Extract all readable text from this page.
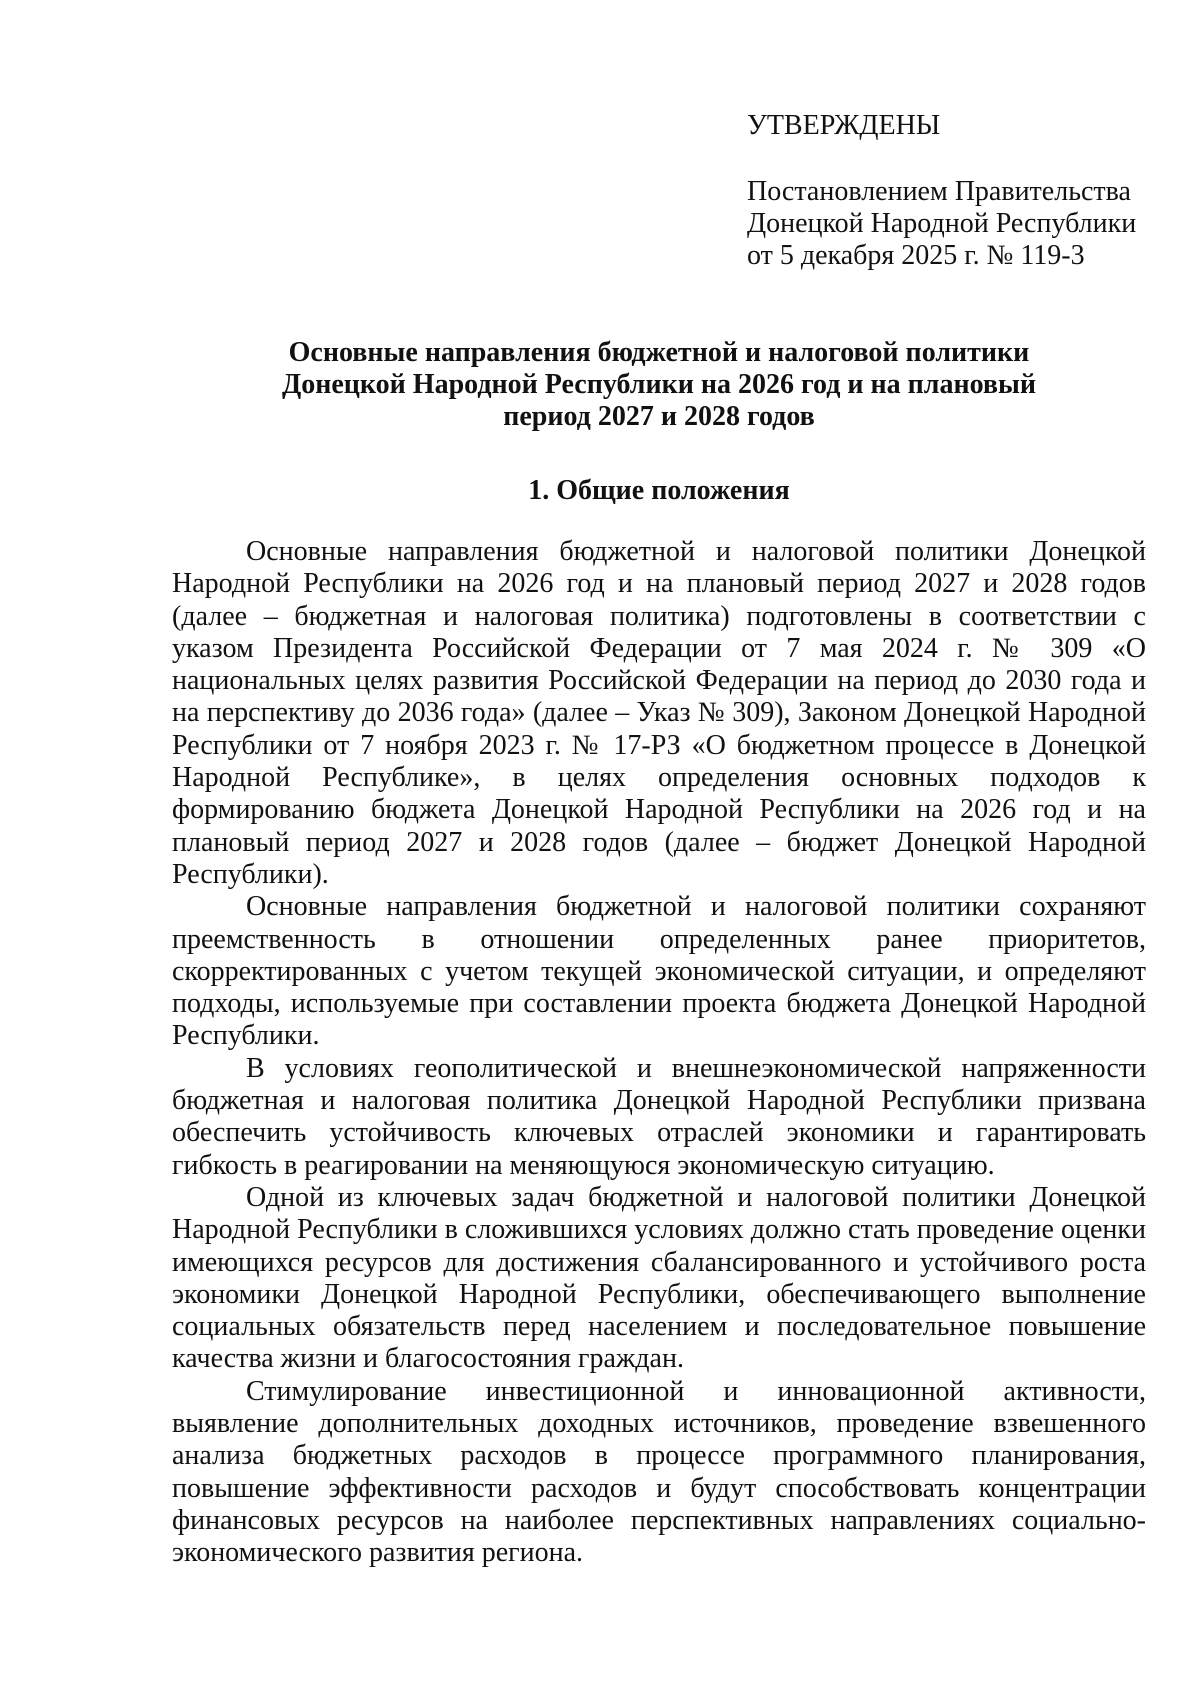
УТВЕРЖДЕНЫ
Постановлением Правительства
Донецкой Народной Республики
от 5 декабря 2025 г. № 119-3
Основные направления бюджетной и налоговой политики
Донецкой Народной Республики на 2026 год и на плановый
период 2027 и 2028 годов
1. Общие положения

Основные направления бюджетной и налоговой политики Донецкой Народной Республики на 2026 год и на плановый период 2027 и 2028 годов (далее – бюджетная и налоговая политика) подготовлены в соответствии с указом Президента Российской Федерации от 7 мая 2024 г. № 309 «О национальных целях развития Российской Федерации на период до 2030 года и на перспективу до 2036 года» (далее – Указ № 309), Законом Донецкой Народной Республики от 7 ноября 2023 г. № 17-РЗ «О бюджетном процессе в Донецкой Народной Республике», в целях определения основных подходов к формированию бюджета Донецкой Народной Республики на 2026 год и на плановый период 2027 и 2028 годов (далее – бюджет Донецкой Народной Республики).

Основные направления бюджетной и налоговой политики сохраняют преемственность в отношении определенных ранее приоритетов, скорректированных с учетом текущей экономической ситуации, и определяют подходы, используемые при составлении проекта бюджета Донецкой Народной Республики.

В условиях геополитической и внешнеэкономической напряженности бюджетная и налоговая политика Донецкой Народной Республики призвана обеспечить устойчивость ключевых отраслей экономики и гарантировать гибкость в реагировании на меняющуюся экономическую ситуацию.

Одной из ключевых задач бюджетной и налоговой политики Донецкой Народной Республики в сложившихся условиях должно стать проведение оценки имеющихся ресурсов для достижения сбалансированного и устойчивого роста экономики Донецкой Народной Республики, обеспечивающего выполнение социальных обязательств перед населением и последовательное повышение качества жизни и благосостояния граждан.

Стимулирование инвестиционной и инновационной активности, выявление дополнительных доходных источников, проведение взвешенного анализа бюджетных расходов в процессе программного планирования, повышение эффективности расходов и будут способствовать концентрации финансовых ресурсов на наиболее перспективных направлениях социально-экономического развития региона.
